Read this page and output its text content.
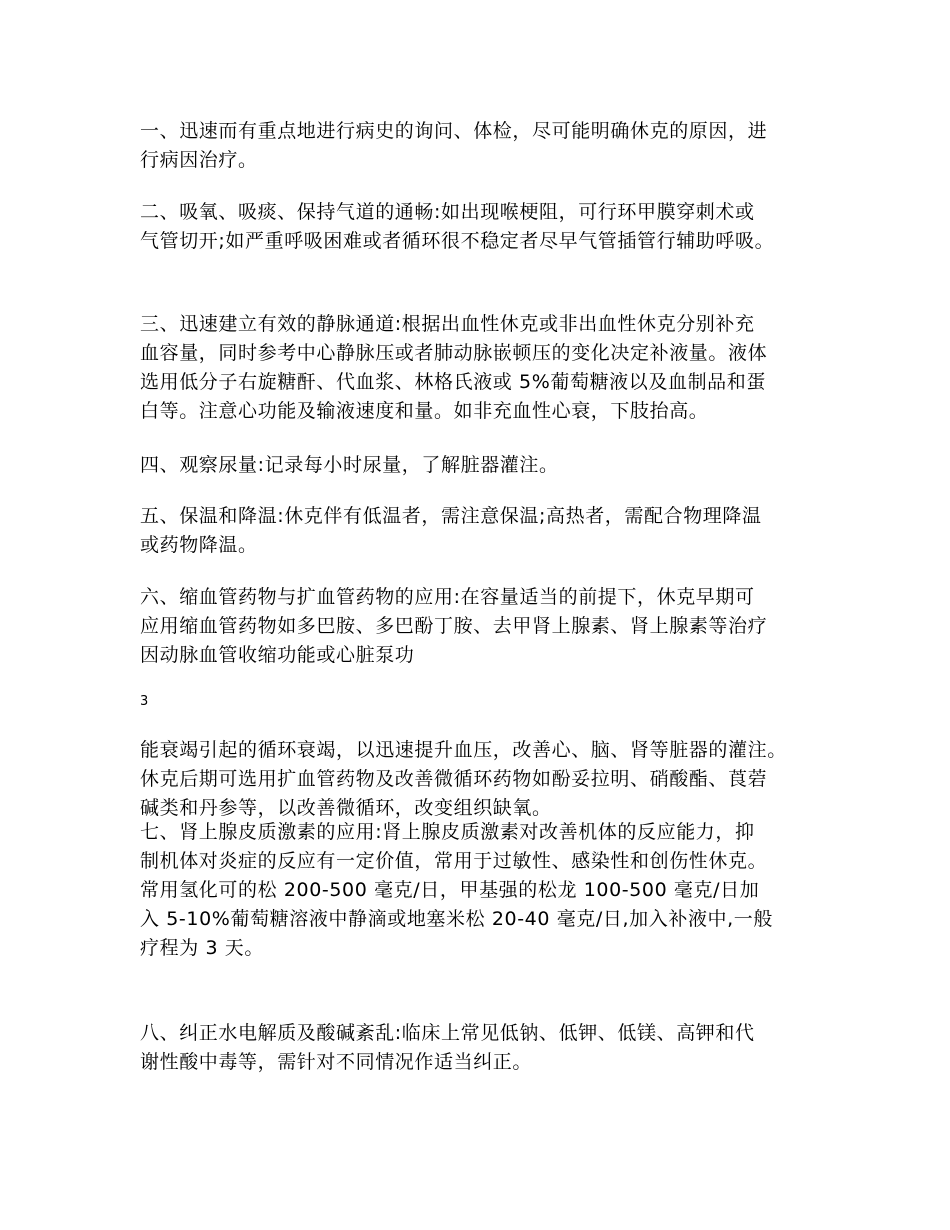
一、迅速而有重点地进行病史的询问、体检，尽可能明确休克的原因，进
行病因治疗。

二、吸氧、吸痰、保持气道的通畅:如出现喉梗阻，可行环甲膜穿刺术或
气管切开;如严重呼吸困难或者循环很不稳定者尽早气管插管行辅助呼吸。

三、迅速建立有效的静脉通道:根据出血性休克或非出血性休克分别补充
血容量，同时参考中心静脉压或者肺动脉嵌顿压的变化决定补液量。液体
选用低分子右旋糖酐、代血浆、林格氏液或 5%葡萄糖液以及血制品和蛋
白等。注意心功能及输液速度和量。如非充血性心衰，下肢抬高。

四、观察尿量:记录每小时尿量，了解脏器灌注。

五、保温和降温:休克伴有低温者，需注意保温;高热者，需配合物理降温
或药物降温。

六、缩血管药物与扩血管药物的应用:在容量适当的前提下，休克早期可
应用缩血管药物如多巴胺、多巴酚丁胺、去甲肾上腺素、肾上腺素等治疗
因动脉血管收缩功能或心脏泵功

3

能衰竭引起的循环衰竭，以迅速提升血压，改善心、脑、肾等脏器的灌注。
休克后期可选用扩血管药物及改善微循环药物如酚妥拉明、硝酸酯、莨菪
碱类和丹参等，以改善微循环，改变组织缺氧。

七、肾上腺皮质激素的应用:肾上腺皮质激素对改善机体的反应能力，抑
制机体对炎症的反应有一定价值，常用于过敏性、感染性和创伤性休克。
常用氢化可的松 200-500 毫克/日，甲基强的松龙 100-500 毫克/日加
入 5-10%葡萄糖溶液中静滴或地塞米松 20-40 毫克/日,加入补液中,一般
疗程为 3 天。

八、纠正水电解质及酸碱紊乱:临床上常见低钠、低钾、低镁、高钾和代
谢性酸中毒等，需针对不同情况作适当纠正。
